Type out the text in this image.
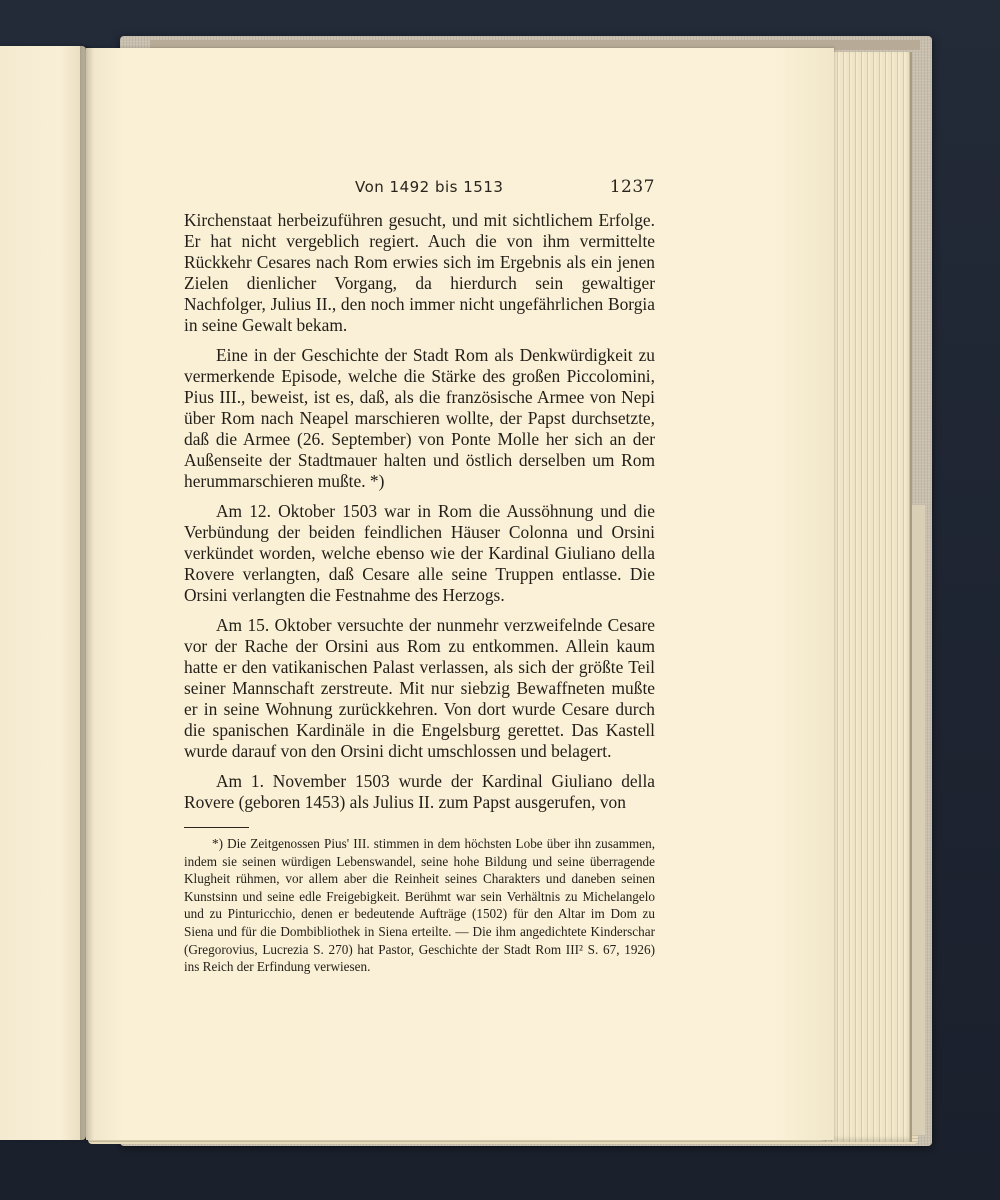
Von 1492 bis 1513	1237

Kirchenstaat herbeizuführen gesucht, und mit sichtlichem Erfolge. Er hat nicht vergeblich regiert. Auch die von ihm vermittelte Rückkehr Cesares nach Rom erwies sich im Ergebnis als ein jenen Zielen dienlicher Vorgang, da hierdurch sein gewaltiger Nachfolger, Julius II., den noch immer nicht ungefährlichen Borgia in seine Gewalt bekam.

Eine in der Geschichte der Stadt Rom als Denkwürdigkeit zu vermerkende Episode, welche die Stärke des großen Piccolomini, Pius III., beweist, ist es, daß, als die französische Armee von Nepi über Rom nach Neapel marschieren wollte, der Papst durchsetzte, daß die Armee (26. September) von Ponte Molle her sich an der Außenseite der Stadtmauer halten und östlich derselben um Rom herummarschieren mußte. *)

Am 12. Oktober 1503 war in Rom die Aussöhnung und die Verbündung der beiden feindlichen Häuser Colonna und Orsini verkündet worden, welche ebenso wie der Kardinal Giuliano della Rovere verlangten, daß Cesare alle seine Truppen entlasse. Die Orsini verlangten die Festnahme des Herzogs.

Am 15. Oktober versuchte der nunmehr verzweifelnde Cesare vor der Rache der Orsini aus Rom zu entkommen. Allein kaum hatte er den vatikanischen Palast verlassen, als sich der größte Teil seiner Mannschaft zerstreute. Mit nur siebzig Bewaffneten mußte er in seine Wohnung zurückkehren. Von dort wurde Cesare durch die spanischen Kardinäle in die Engelsburg gerettet. Das Kastell wurde darauf von den Orsini dicht umschlossen und belagert.

Am 1. November 1503 wurde der Kardinal Giuliano della Rovere (geboren 1453) als Julius II. zum Papst ausgerufen, von

*) Die Zeitgenossen Pius' III. stimmen in dem höchsten Lobe über ihn zusammen, indem sie seinen würdigen Lebenswandel, seine hohe Bildung und seine überragende Klugheit rühmen, vor allem aber die Reinheit seines Charakters und daneben seinen Kunstsinn und seine edle Freigebigkeit. Berühmt war sein Verhältnis zu Michelangelo und zu Pinturicchio, denen er bedeutende Aufträge (1502) für den Altar im Dom zu Siena und für die Dombibliothek in Siena erteilte. — Die ihm angedichtete Kinderschar (Gregorovius, Lucrezia S. 270) hat Pastor, Geschichte der Stadt Rom III² S. 67, 1926) ins Reich der Erfindung verwiesen.
